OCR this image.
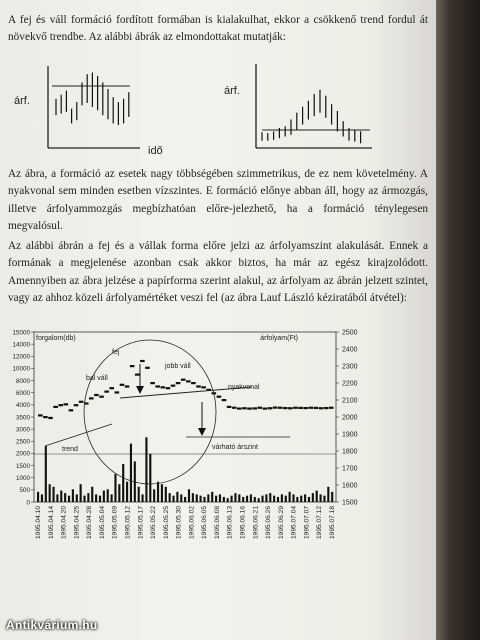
A fej és váll formáció fordított formában is kialakulhat, ekkor a csökkenő trend fordul át növekvő trendbe. Az alábbi ábrák az elmondottakat mutatják:
árf.
idő
árf.
Az ábra, a formáció az esetek nagy többségében szimmetrikus, de ez nem követelmény. A nyakvonal sem minden esetben vízszintes. E formáció előnye abban áll, hogy az ármozgás, illetve árfolyammozgás megbízhatóan előre-jelezhető, ha a formáció ténylegesen megvalósul.
Az alábbi ábrán a fej és a vállak forma előre jelzi az árfolyamszint alakulását. Ennek a formának a megjelenése azonban csak akkor biztos, ha már az egész kirajzolódott. Amennyiben az ábra jelzése a papírforma szerint alakul, az árfolyam az ábrán jelzett szintet, vagy az ahhoz közeli árfolyamértéket veszi fel (az ábra Lauf László kéziratából átvétel):
forgalom(db)	árfolyam(Ft)
0
500
1000
1500
2000
2500
3000
3500
4000
6000
8000
10000
12000
14000
15000
1500
1600
1700
1800
1900
2000
2100
2200
2300
2400
2500
fej
bal váll
jobb váll
nyakvonal
trend	várható árszint
1995.04.10 1995.04.14 1995.04.20 1995.04.25 1995.04.28 1995.05.04 1995.05.09 1995.05.12 1995.05.17 1995.05.22 1995.05.25 1995.05.30 1995.06.02 1995.06.05 1995.06.08 1995.06.13 1995.06.16 1995.06.21 1995.06.26 1995.06.29 1995.07.04 1995.07.07 1995.07.12 1995.07.18
Antikvárium.hu
